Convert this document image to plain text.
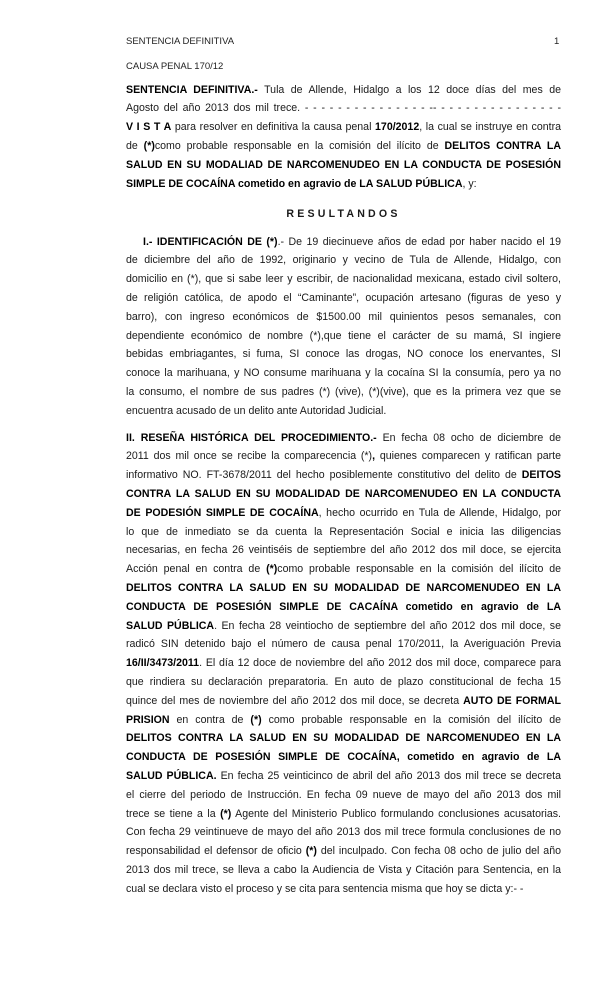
SENTENCIA DEFINITIVA	1
CAUSA PENAL 170/12
SENTENCIA DEFINITIVA.- Tula de Allende, Hidalgo a los 12 doce días del mes de
Agosto del año 2013 dos mil trece. - - - - - - - - - - - - - - - -- - - - - - - - - - - - - - - -
V I S T A para resolver en definitiva la causa penal 170/2012, la cual se instruye en contra
de (*)como probable responsable en la comisión del ilícito de DELITOS CONTRA LA
SALUD EN SU MODALIAD DE NARCOMENUDEO EN LA CONDUCTA DE POSESIÓN
SIMPLE DE COCAÍNA cometido en agravio de LA SALUD PÚBLICA, y:
RESULTANDOS
I.- IDENTIFICACIÓN DE (*).- De 19 diecinueve años de edad por haber nacido el 19
de diciembre del año de 1992, originario y vecino de Tula de Allende, Hidalgo, con
domicilio en (*), que si sabe leer y escribir, de nacionalidad mexicana, estado civil soltero,
de religión católica, de apodo el “Caminante”, ocupación artesano (figuras de yeso y
barro), con ingreso económicos de $1500.00 mil quinientos pesos semanales, con
dependiente económico de nombre (*),que tiene el carácter de su mamá, SI ingiere
bebidas embriagantes, si fuma, SI conoce las drogas, NO conoce los enervantes, SI
conoce la marihuana, y NO consume marihuana y la cocaína SI la consumía, pero ya no
la consumo, el nombre de sus padres (*) (vive), (*)(vive), que es la primera vez que se
encuentra acusado de un delito ante Autoridad Judicial.
II. RESEÑA HISTÓRICA DEL PROCEDIMIENTO.- En fecha 08 ocho de diciembre de
2011 dos mil once se recibe la comparecencia (*), quienes comparecen y ratifican parte
informativo NO. FT-3678/2011 del hecho posiblemente constitutivo del delito de DEITOS
CONTRA LA SALUD EN SU MODALIDAD DE NARCOMENUDEO EN LA CONDUCTA
DE PODESIÓN SIMPLE DE COCAÍNA, hecho ocurrido en Tula de Allende, Hidalgo, por
lo que de inmediato se da cuenta la Representación Social e inicia las diligencias
necesarias, en fecha 26 veintiséis de septiembre del año 2012 dos mil doce, se ejercita
Acción penal en contra de (*)como probable responsable en la comisión del ilícito de
DELITOS CONTRA LA SALUD EN SU MODALIDAD DE NARCOMENUDEO EN LA
CONDUCTA DE POSESIÓN SIMPLE DE CACAÍNA cometido en agravio de LA
SALUD PÚBLICA. En fecha 28 veintiocho de septiembre del año 2012 dos mil doce, se
radicó SIN detenido bajo el número de causa penal 170/2011, la Averiguación Previa
16/II/3473/2011. El día 12 doce de noviembre del año 2012 dos mil doce, comparece para
que rindiera su declaración preparatoria. En auto de plazo constitucional de fecha 15
quince del mes de noviembre del año 2012 dos mil doce, se decreta AUTO DE FORMAL
PRISION en contra de (*) como probable responsable en la comisión del ilícito de
DELITOS CONTRA LA SALUD EN SU MODALIDAD DE NARCOMENUDEO EN LA
CONDUCTA DE POSESIÓN SIMPLE DE COCAÍNA, cometido en agravio de LA
SALUD PÚBLICA. En fecha 25 veinticinco de abril del año 2013 dos mil trece se decreta
el cierre del periodo de Instrucción. En fecha 09 nueve de mayo del año 2013 dos mil
trece se tiene a la (*) Agente del Ministerio Publico formulando conclusiones acusatorias.
Con fecha 29 veintinueve de mayo del año 2013 dos mil trece formula conclusiones de no
responsabilidad el defensor de oficio (*) del inculpado. Con fecha 08 ocho de julio del año
2013 dos mil trece, se lleva a cabo la Audiencia de Vista y Citación para Sentencia, en la
cual se declara visto el proceso y se cita para sentencia misma que hoy se dicta y:- -
